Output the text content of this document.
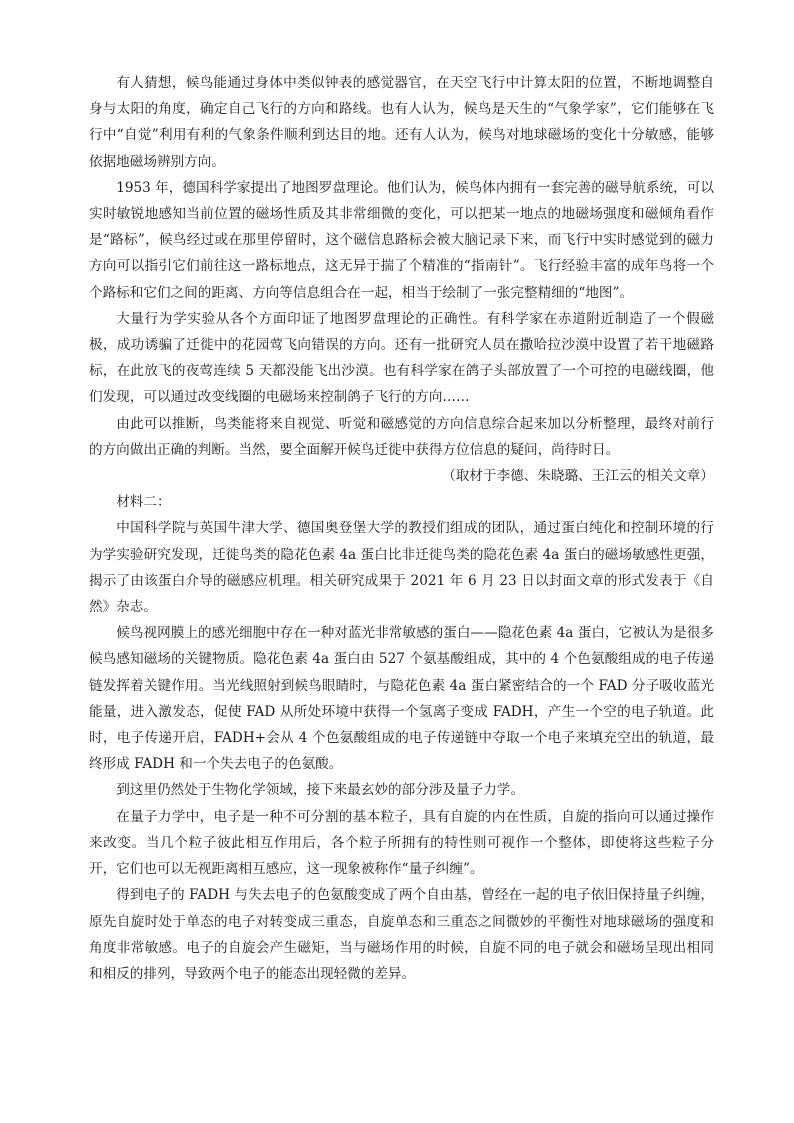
有人猜想，候鸟能通过身体中类似钟表的感觉器官，在天空飞行中计算太阳的位置，不断地调整自身与太阳的角度，确定自己飞行的方向和路线。也有人认为，候鸟是天生的“气象学家”，它们能够在飞行中“自觉”利用有利的气象条件顺利到达目的地。还有人认为，候鸟对地球磁场的变化十分敏感，能够依据地磁场辨别方向。

1953 年，德国科学家提出了地图罗盘理论。他们认为，候鸟体内拥有一套完善的磁导航系统，可以实时敏锐地感知当前位置的磁场性质及其非常细微的变化，可以把某一地点的地磁场强度和磁倾角看作是“路标”，候鸟经过或在那里停留时，这个磁信息路标会被大脑记录下来，而飞行中实时感觉到的磁力方向可以指引它们前往这一路标地点，这无异于揣了个精准的“指南针”。飞行经验丰富的成年鸟将一个个路标和它们之间的距离、方向等信息组合在一起，相当于绘制了一张完整精细的“地图”。

大量行为学实验从各个方面印证了地图罗盘理论的正确性。有科学家在赤道附近制造了一个假磁极，成功诱骗了迁徙中的花园莺飞向错误的方向。还有一批研究人员在撒哈拉沙漠中设置了若干地磁路标，在此放飞的夜莺连续 5 天都没能飞出沙漠。也有科学家在鸽子头部放置了一个可控的电磁线圈，他们发现，可以通过改变线圈的电磁场来控制鸽子飞行的方向……

由此可以推断，鸟类能将来自视觉、听觉和磁感觉的方向信息综合起来加以分析整理，最终对前行的方向做出正确的判断。当然，要全面解开候鸟迁徙中获得方位信息的疑问，尚待时日。

（取材于李德、朱晓璐、王江云的相关文章）

材料二：

中国科学院与英国牛津大学、德国奥登堡大学的教授们组成的团队，通过蛋白纯化和控制环境的行为学实验研究发现，迁徙鸟类的隐花色素 4a 蛋白比非迁徙鸟类的隐花色素 4a 蛋白的磁场敏感性更强，揭示了由该蛋白介导的磁感应机理。相关研究成果于 2021 年 6 月 23 日以封面文章的形式发表于《自然》杂志。

候鸟视网膜上的感光细胞中存在一种对蓝光非常敏感的蛋白——隐花色素 4a 蛋白，它被认为是很多候鸟感知磁场的关键物质。隐花色素 4a 蛋白由 527 个氨基酸组成，其中的 4 个色氨酸组成的电子传递链发挥着关键作用。当光线照射到候鸟眼睛时，与隐花色素 4a 蛋白紧密结合的一个 FAD 分子吸收蓝光能量，进入激发态，促使 FAD 从所处环境中获得一个氢离子变成 FADH，产生一个空的电子轨道。此时，电子传递开启，FADH+会从 4 个色氨酸组成的电子传递链中夺取一个电子来填充空出的轨道，最终形成 FADH 和一个失去电子的色氨酸。

到这里仍然处于生物化学领域，接下来最玄妙的部分涉及量子力学。

在量子力学中，电子是一种不可分割的基本粒子，具有自旋的内在性质，自旋的指向可以通过操作来改变。当几个粒子彼此相互作用后，各个粒子所拥有的特性则可视作一个整体，即使将这些粒子分开，它们也可以无视距离相互感应，这一现象被称作“量子纠缠”。

得到电子的 FADH 与失去电子的色氨酸变成了两个自由基，曾经在一起的电子依旧保持量子纠缠，原先自旋时处于单态的电子对转变成三重态，自旋单态和三重态之间微妙的平衡性对地球磁场的强度和角度非常敏感。电子的自旋会产生磁矩，当与磁场作用的时候，自旋不同的电子就会和磁场呈现出相同和相反的排列，导致两个电子的能态出现轻微的差异。
